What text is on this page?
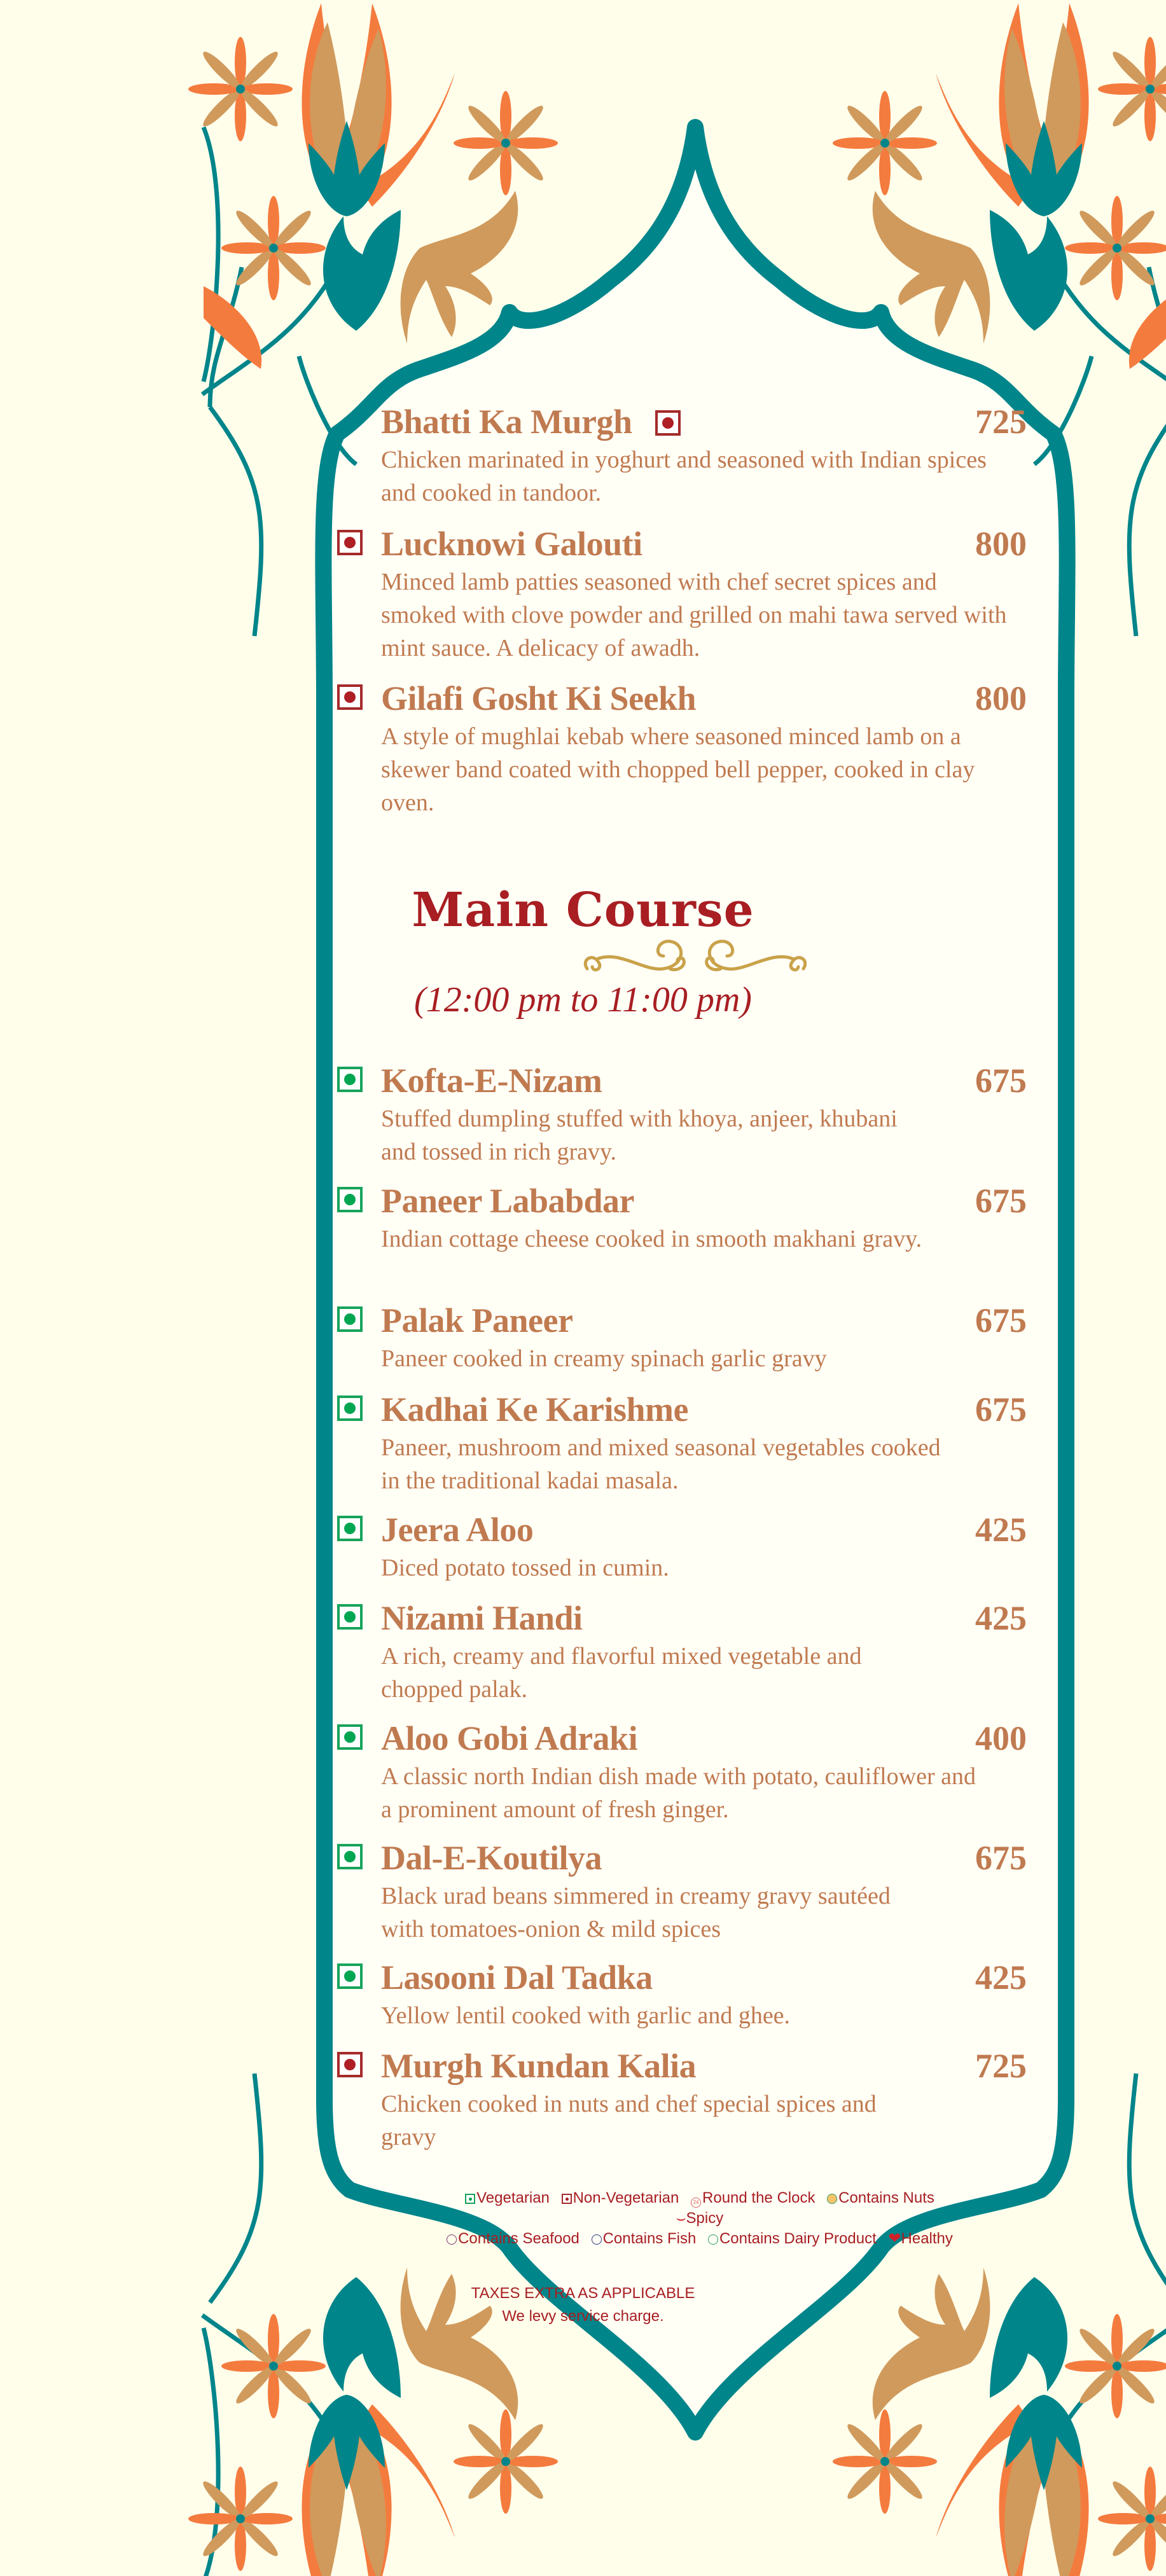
Bhatti Ka Murgh	725
Chicken marinated in yoghurt and seasoned with Indian spices and cooked in tandoor.
Lucknowi Galouti	800
Minced lamb patties seasoned with chef secret spices and smoked with clove powder and grilled on mahi tawa served with mint sauce. A delicacy of awadh.
Gilafi Gosht Ki Seekh	800
A style of mughlai kebab where seasoned minced lamb on a skewer band coated with chopped bell pepper, cooked in clay oven.
Main Course
(12:00 pm to 11:00 pm)
Kofta-E-Nizam	675
Stuffed dumpling stuffed with khoya, anjeer, khubani and tossed in rich gravy.
Paneer Lababdar	675
Indian cottage cheese cooked in smooth makhani gravy.
Palak Paneer	675
Paneer cooked in creamy spinach garlic gravy
Kadhai Ke Karishme	675
Paneer, mushroom and mixed seasonal vegetables cooked in the traditional kadai masala.
Jeera Aloo	425
Diced potato tossed in cumin.
Nizami Handi	425
A rich, creamy and flavorful mixed vegetable and chopped palak.
Aloo Gobi Adraki	400
A classic north Indian dish made with potato, cauliflower and a prominent amount of fresh ginger.
Dal-E-Koutilya	675
Black urad beans simmered in creamy gravy sautéed with tomatoes-onion & mild spices
Lasooni Dal Tadka	425
Yellow lentil cooked with garlic and ghee.
Murgh Kundan Kalia	725
Chicken cooked in nuts and chef special spices and gravy
Vegetarian Non-Vegetarian	24 Round the Clock Contains Nuts ⌣Spicy
Contains Seafood Contains Fish Contains Dairy Product ❤Healthy
TAXES EXTRA AS APPLICABLE
We levy service charge.
